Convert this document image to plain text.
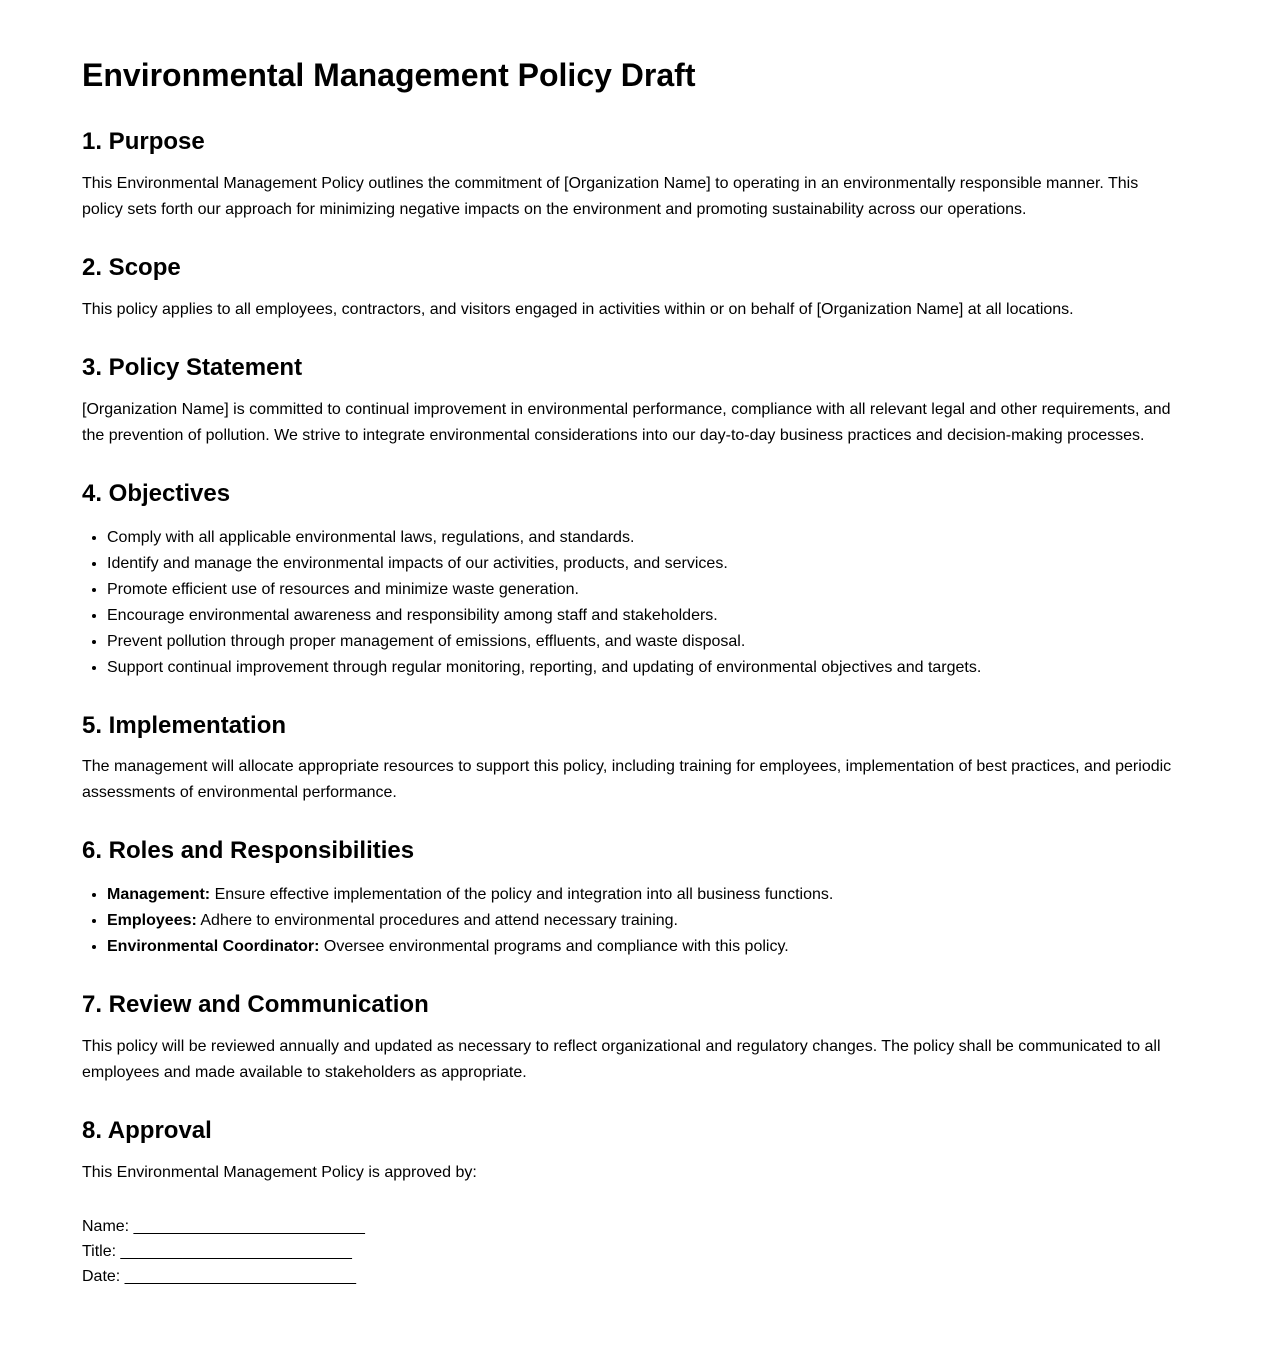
Environmental Management Policy Draft
1. Purpose

This Environmental Management Policy outlines the commitment of [Organization Name] to operating in an environmentally responsible manner. This policy sets forth our approach for minimizing negative impacts on the environment and promoting sustainability across our operations.

2. Scope

This policy applies to all employees, contractors, and visitors engaged in activities within or on behalf of [Organization Name] at all locations.

3. Policy Statement

[Organization Name] is committed to continual improvement in environmental performance, compliance with all relevant legal and other requirements, and the prevention of pollution. We strive to integrate environmental considerations into our day-to-day business practices and decision-making processes.

4. Objectives
• Comply with all applicable environmental laws, regulations, and standards.
• Identify and manage the environmental impacts of our activities, products, and services.
• Promote efficient use of resources and minimize waste generation.
• Encourage environmental awareness and responsibility among staff and stakeholders.
• Prevent pollution through proper management of emissions, effluents, and waste disposal.
• Support continual improvement through regular monitoring, reporting, and updating of environmental objectives and targets.
5. Implementation

The management will allocate appropriate resources to support this policy, including training for employees, implementation of best practices, and periodic assessments of environmental performance.

6. Roles and Responsibilities
• Management: Ensure effective implementation of the policy and integration into all business functions.
• Employees: Adhere to environmental procedures and attend necessary training.
• Environmental Coordinator: Oversee environmental programs and compliance with this policy.
7. Review and Communication

This policy will be reviewed annually and updated as necessary to reflect organizational and regulatory changes. The policy shall be communicated to all employees and made available to stakeholders as appropriate.

8. Approval

This Environmental Management Policy is approved by:

Name: __________________________

Title: __________________________

Date: __________________________
